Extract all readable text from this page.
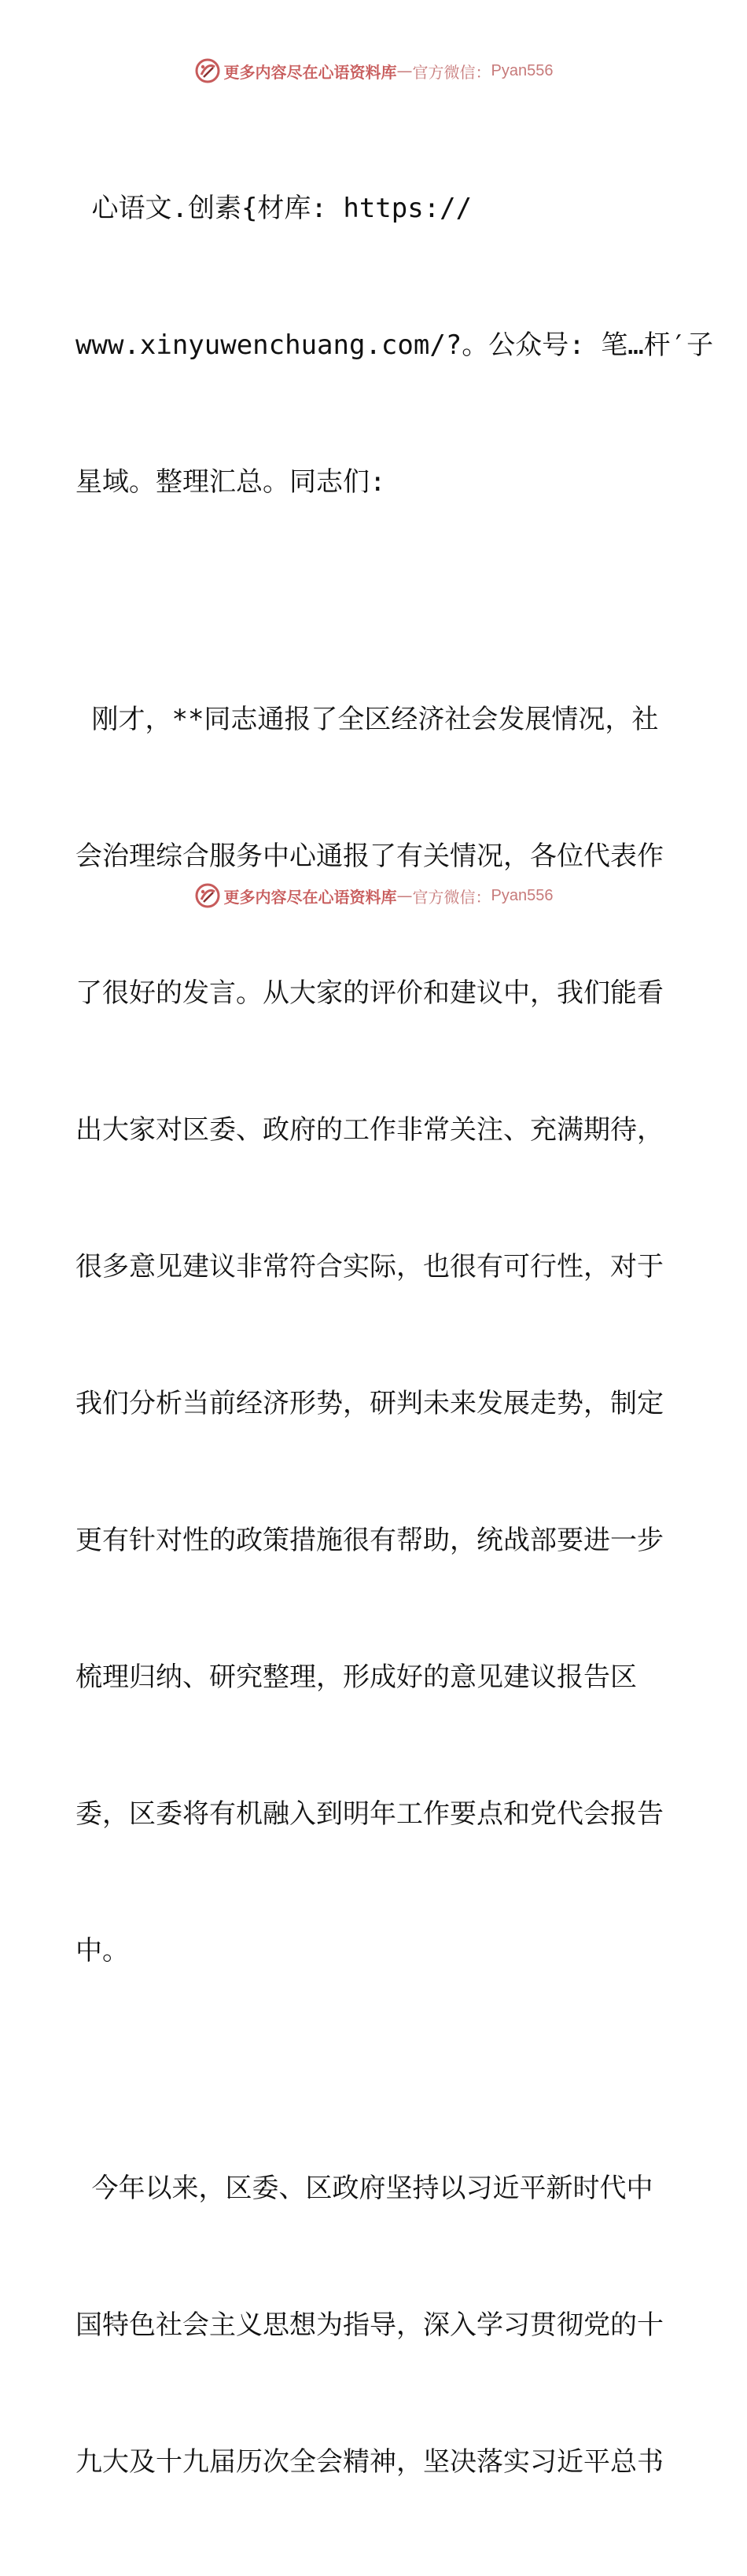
更多内容尽在心语资料库 — 官方微信： Pyan556

心语文.创素{材库: https://

www.xinyuwenchuang.com/?。公众号: 笔…杆′子

星域。整理汇总。同志们:

刚才，**同志通报了全区经济社会发展情况，社

会治理综合服务中心通报了有关情况，各位代表作

了很好的发言。从大家的评价和建议中，我们能看

出大家对区委、政府的工作非常关注、充满期待，

很多意见建议非常符合实际，也很有可行性，对于

我们分析当前经济形势，研判未来发展走势，制定

更有针对性的政策措施很有帮助，统战部要进一步

梳理归纳、研究整理，形成好的意见建议报告区

委，区委将有机融入到明年工作要点和党代会报告

中。

今年以来，区委、区政府坚持以习近平新时代中

国特色社会主义思想为指导，深入学习贯彻党的十

九大及十九届历次全会精神，坚决落实习近平总书

更多内容尽在心语资料库 — 官方微信： Pyan556
